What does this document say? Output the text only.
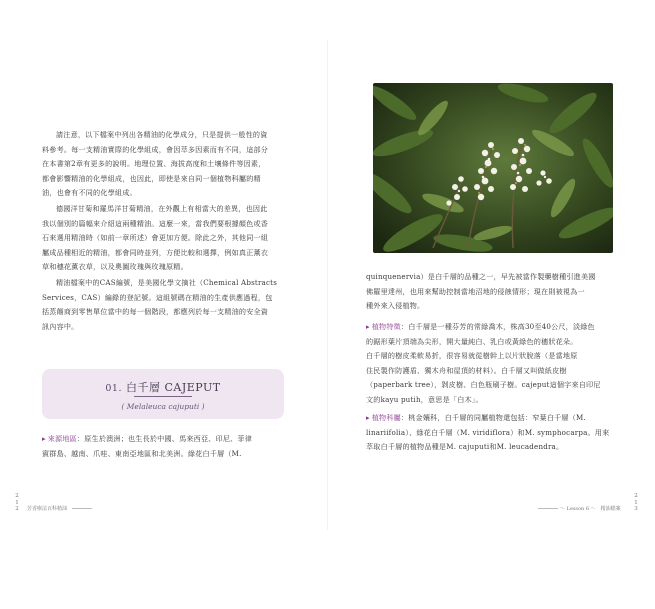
請注意，以下檔案中列出各精油的化學成分，只是提供一般性的資
料參考。每一支精油實際的化學組成，會因萃多因素而有不同，這部分
在本書第2章有更多的說明。地理位置、海拔高度和土壤條件等因素，
都會影響精油的化學組成，也因此，即使是來自同一個植物科屬的精
油，也會有不同的化學組成。
德國洋甘菊和羅馬洋甘菊精油，在外觀上有相當大的差異，也因此
我以個別的篇幅來介紹這兩種精油。這麼一來，當我們要根據顏色或香
石來選用精油時（如前一章所述）會更加方便。除此之外，其他同一組
屬成品種相近的精油，都會同時並列，方便比較和選擇，例如真正薰衣
草和穗花薰衣草，以及奧圖玫瑰與玫瑰原精。
精油檔案中的CAS編號，是美國化學文摘社（Chemical Abstracts
Services，CAS）編錄的登記號。這組號碼在精油的生產供應過程，包
括蒸餾商到零售單位當中的每一個階段，都應列於每一支精油的安全資
訊內容中。
01. 白千層 CAJEPUT
( Melaleuca cajuputi )
▸ 來源地區：原生於澳洲；也生長於中國、馬來西亞、印尼、菲律
賓群島、越南、爪哇、東南亞地區和北美洲。綠花白千層（M.
2
1
2 芳香療法百科精油
quinquenervia）是白千層的品種之一，早先被當作製藥樹種引進美國
佛羅里達州，也用來幫助控制當地沼地的侵蝕情形；現在則被視為一
種外來入侵植物。
▸ 植物特徵：白千層是一種芬芳的常綠喬木，株高30至40公尺，淡綠色
的鋸形葉片頂端為尖形，開大量純白、乳白或黃綠色的穗狀花朵。
白千層的樹皮柔軟易折，很容易就從樹幹上以片狀脫落（是當地原
住民製作防護盾、獨木舟和屋頂的材料）。白千層又叫做紙皮樹
（paperbark tree），剝皮樹、白色瓶刷子樹。cajeput這個字來自印尼
文的kayu putih，意思是「白木」。
▸ 植物科屬：桃金孃科，白千層的同屬植物還包括：窄葉白千層（M.
linariifolia）、綠花白千層（M. viridiflora）和M. symphocarpa。用來
萃取白千層的植物品種是M. cajuputi和M. leucadendra。
～ Lesson 6 ～　精油檔案
2
1
3
